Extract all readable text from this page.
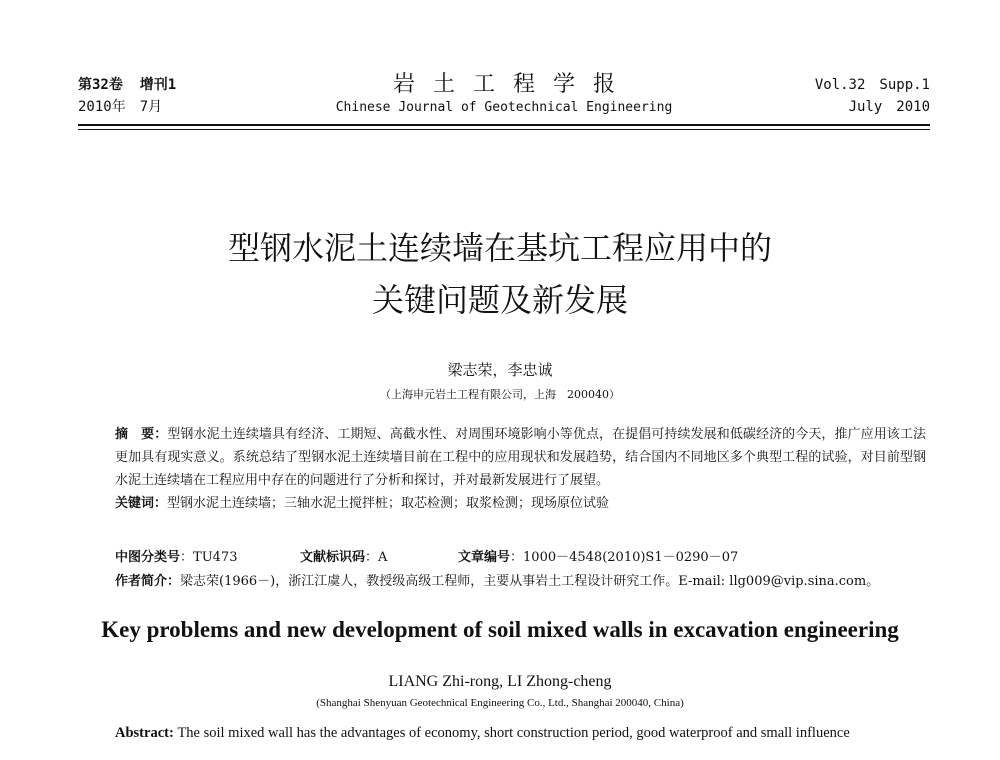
第32卷 增刊1
2010年　7月
岩土工程学报
Chinese Journal of Geotechnical Engineering
Vol.32　Supp.1
July　2010
型钢水泥土连续墙在基坑工程应用中的
关键问题及新发展
梁志荣，李忠诚
（上海申元岩土工程有限公司，上海　200040）
摘　要：型钢水泥土连续墙具有经济、工期短、高截水性、对周围环境影响小等优点，在提倡可持续发展和低碳经济的今天，推广应用该工法更加具有现实意义。系统总结了型钢水泥土连续墙目前在工程中的应用现状和发展趋势，结合国内不同地区多个典型工程的试验，对目前型钢水泥土连续墙在工程应用中存在的问题进行了分析和探讨，并对最新发展进行了展望。
关键词：型钢水泥土连续墙；三轴水泥土搅拌桩；取芯检测；取浆检测；现场原位试验
中图分类号：TU473	文献标识码：A	文章编号：1000－4548(2010)S1－0290－07
作者简介：梁志荣(1966－)，浙江江虞人，教授级高级工程师，主要从事岩土工程设计研究工作。E-mail: llg009@vip.sina.com。
Key problems and new development of soil mixed walls in excavation engineering
LIANG Zhi-rong, LI Zhong-cheng
(Shanghai Shenyuan Geotechnical Engineering Co., Ltd., Shanghai 200040, China)
Abstract: The soil mixed wall has the advantages of economy, short construction period, good waterproof and small influence
